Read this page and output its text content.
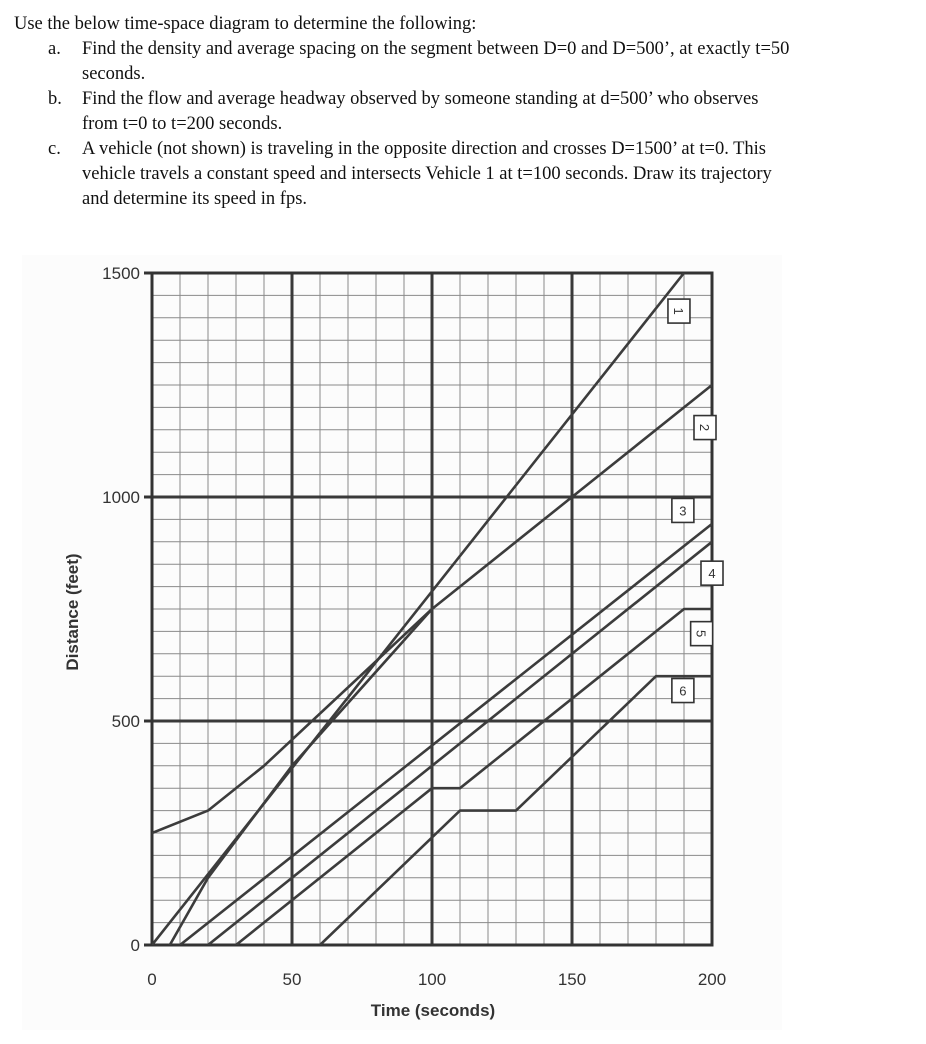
Use the below time-space diagram to determine the following:
a.	Find the density and average spacing on the segment between D=0 and D=500’, at exactly t=50
seconds.
b.	Find the flow and average headway observed by someone standing at d=500’ who observes
from t=0 to t=200 seconds.
c.	A vehicle (not shown) is traveling in the opposite direction and crosses D=1500’ at t=0. This
vehicle travels a constant speed and intersects Vehicle 1 at t=100 seconds. Draw its trajectory
and determine its speed in fps.
0
500
1000
1500
0	50	100	150	200
1
2
3
4
5
6
Time (seconds)
Distance (feet)
